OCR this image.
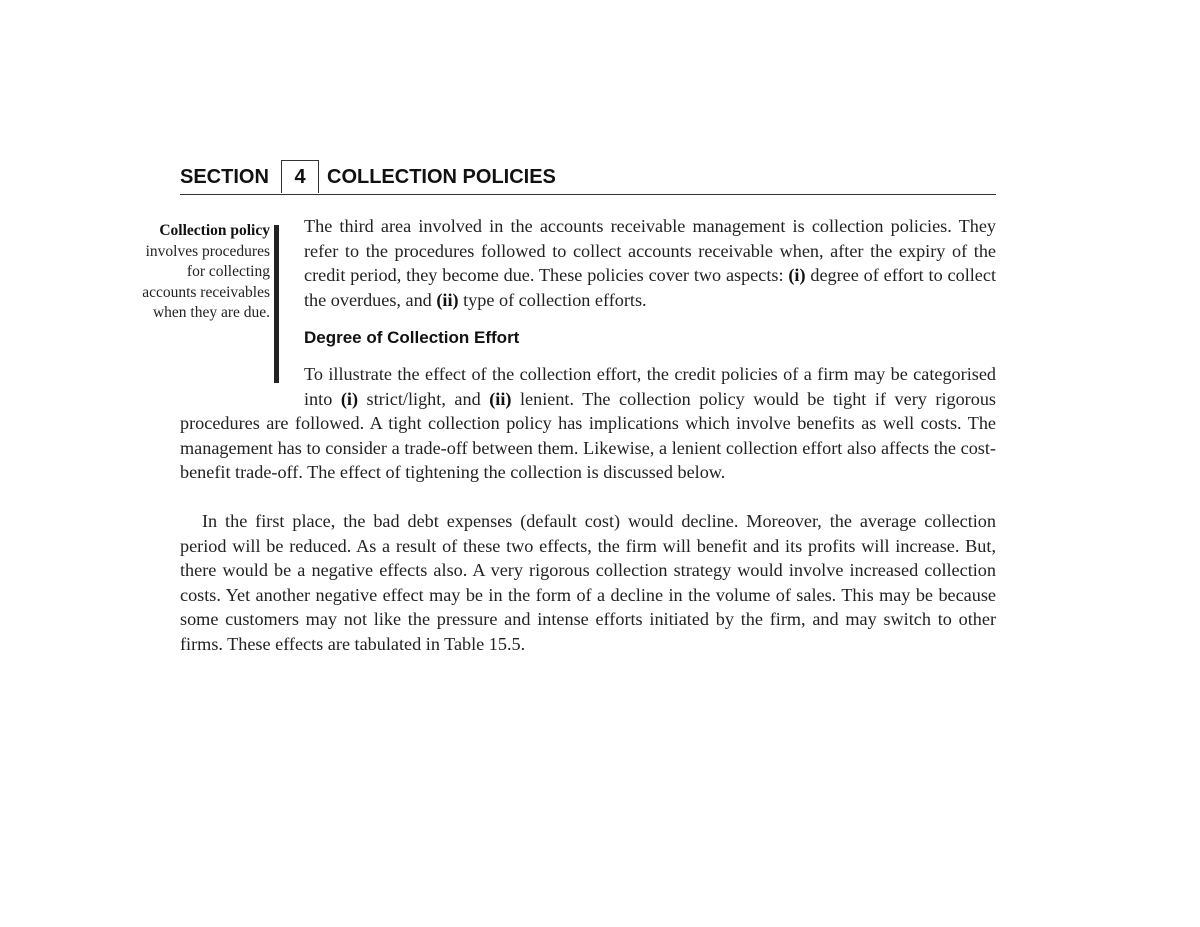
SECTION	4	COLLECTION POLICIES
Collection policy involves procedures for collecting accounts receivables when they are due.
The third area involved in the accounts receivable management is collection policies. They refer to the procedures followed to collect accounts receivable when, after the expiry of the credit period, they become due. These policies cover two aspects: (i) degree of effort to collect the overdues, and (ii) type of collection efforts.
Degree of Collection Effort

To illustrate the effect of the collection effort, the credit policies of a firm may be categorised into (i) strict/light, and (ii) lenient. The collection policy would be tight if very rigorous procedures are followed. A tight collection policy has implications which involve benefits as well costs. The management has to consider a trade-off between them. Likewise, a lenient collection effort also affects the cost-benefit trade-off. The effect of tightening the collection is discussed below.

In the first place, the bad debt expenses (default cost) would decline. Moreover, the average collection period will be reduced. As a result of these two effects, the firm will benefit and its profits will increase. But, there would be a negative effects also. A very rigorous collection strategy would involve increased collection costs. Yet another negative effect may be in the form of a decline in the volume of sales. This may be because some customers may not like the pressure and intense efforts initiated by the firm, and may switch to other firms. These effects are tabulated in Table 15.5.
